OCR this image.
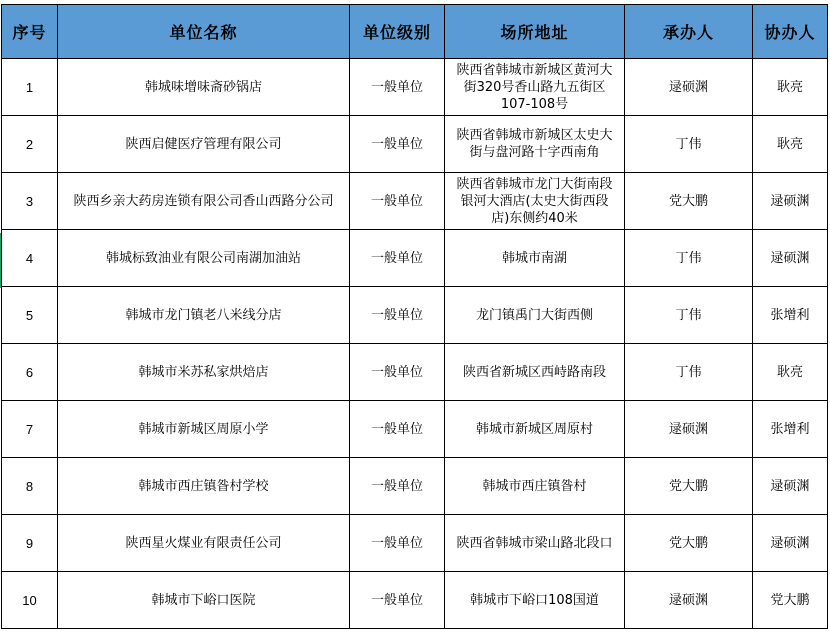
序号	单位名称	单位级别	场所地址	承办人	协办人
1	韩城味增味斋砂锅店	一般单位	陕西省韩城市新城区黄河大街320号香山路九五街区107-108号	逯硕渊	耿亮
2	陕西启健医疗管理有限公司	一般单位	陕西省韩城市新城区太史大街与盘河路十字西南角	丁伟	耿亮
3	陕西乡亲大药房连锁有限公司香山西路分公司	一般单位	陕西省韩城市龙门大街南段银河大酒店(太史大街西段店)东侧约40米	党大鹏	逯硕渊
4	韩城标致油业有限公司南湖加油站	一般单位	韩城市南湖	丁伟	逯硕渊
5	韩城市龙门镇老八米线分店	一般单位	龙门镇禹门大街西侧	丁伟	张增利
6	韩城市米苏私家烘焙店	一般单位	陕西省新城区西峙路南段	丁伟	耿亮
7	韩城市新城区周原小学	一般单位	韩城市新城区周原村	逯硕渊	张增利
8	韩城市西庄镇昝村学校	一般单位	韩城市西庄镇昝村	党大鹏	逯硕渊
9	陕西星火煤业有限责任公司	一般单位	陕西省韩城市梁山路北段口	党大鹏	逯硕渊
10	韩城市下峪口医院	一般单位	韩城市下峪口108国道	逯硕渊	党大鹏
